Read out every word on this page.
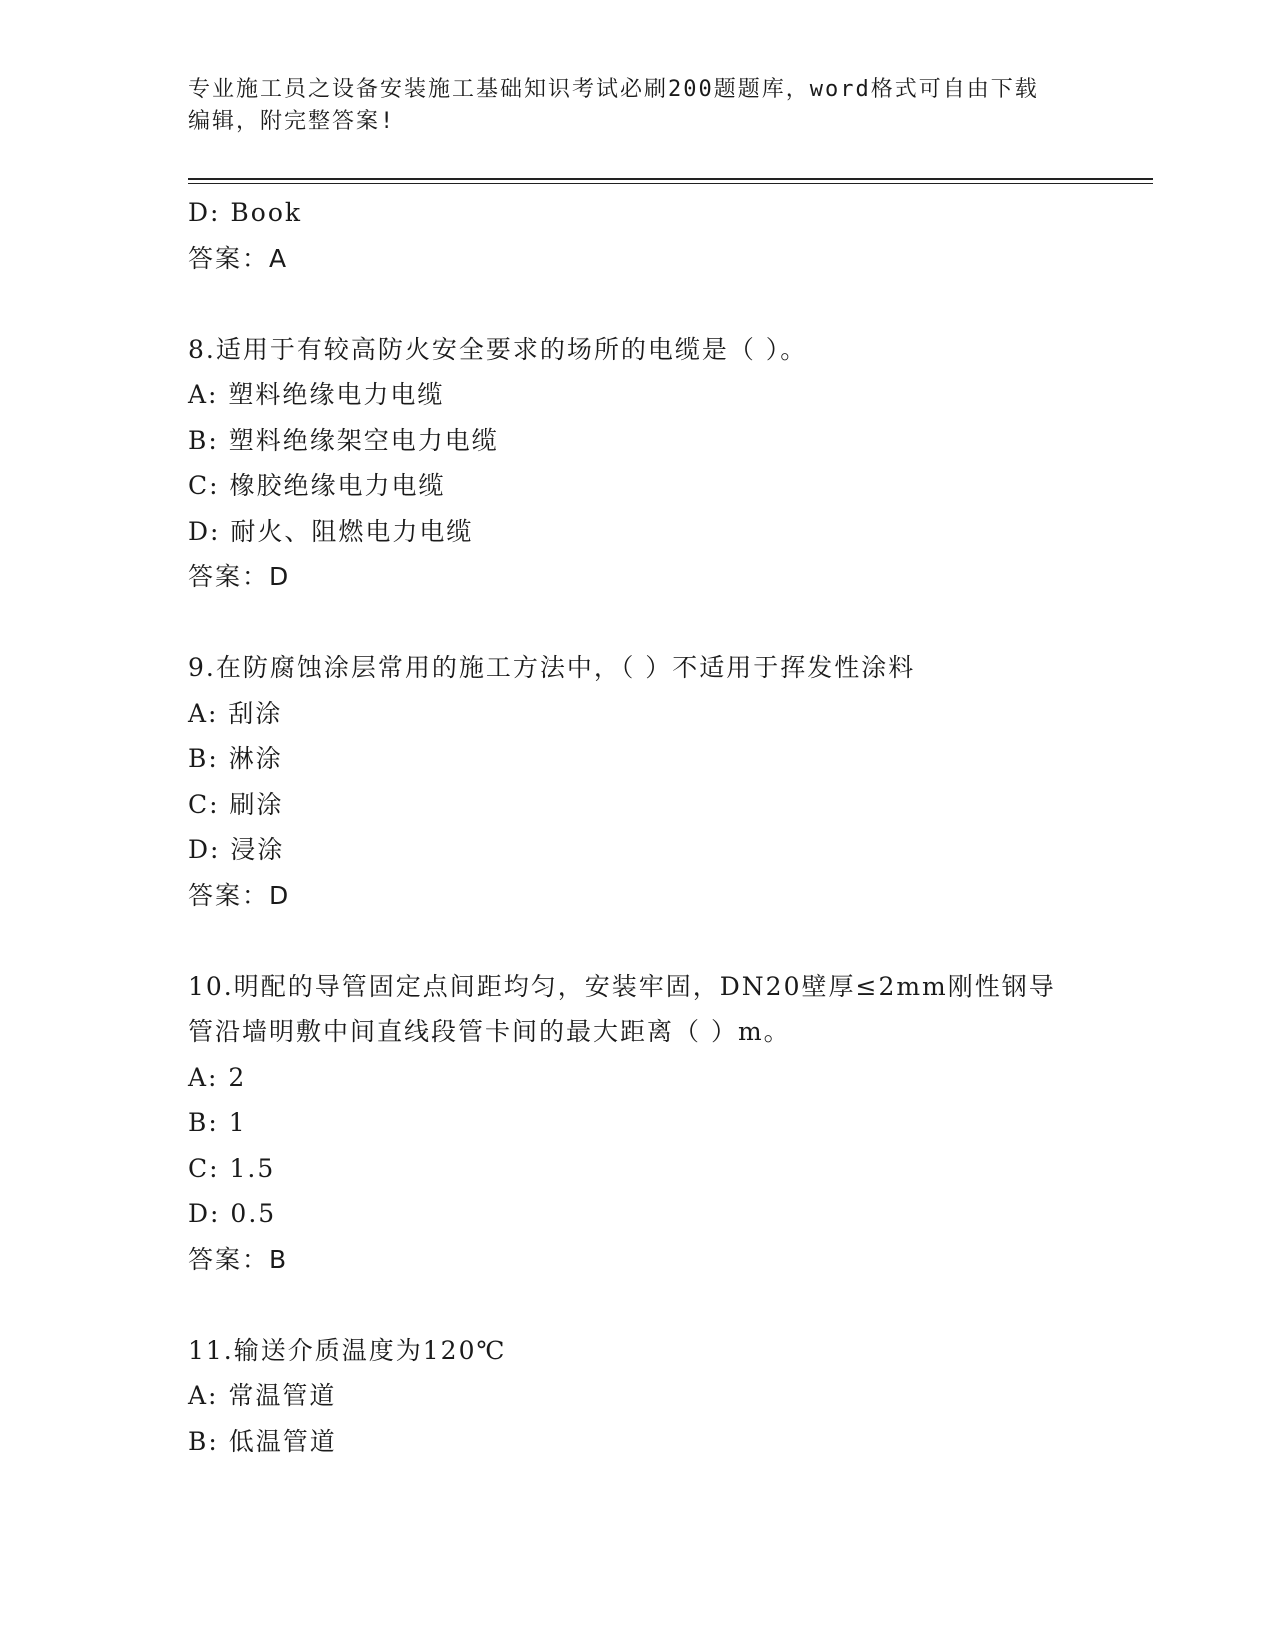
专业施工员之设备安装施工基础知识考试必刷200题题库，word格式可自由下载
编辑，附完整答案!
D: Book
答案：A
8.适用于有较高防火安全要求的场所的电缆是（ ）。
A: 塑料绝缘电力电缆
B: 塑料绝缘架空电力电缆
C: 橡胶绝缘电力电缆
D: 耐火、阻燃电力电缆
答案：D
9.在防腐蚀涂层常用的施工方法中，（ ）不适用于挥发性涂料
A: 刮涂
B: 淋涂
C: 刷涂
D: 浸涂
答案：D
10.明配的导管固定点间距均匀，安装牢固，DN20壁厚≤2mm刚性钢导
管沿墙明敷中间直线段管卡间的最大距离（ ）m。
A: 2
B: 1
C: 1.5
D: 0.5
答案：B
11.输送介质温度为120℃
A: 常温管道
B: 低温管道
